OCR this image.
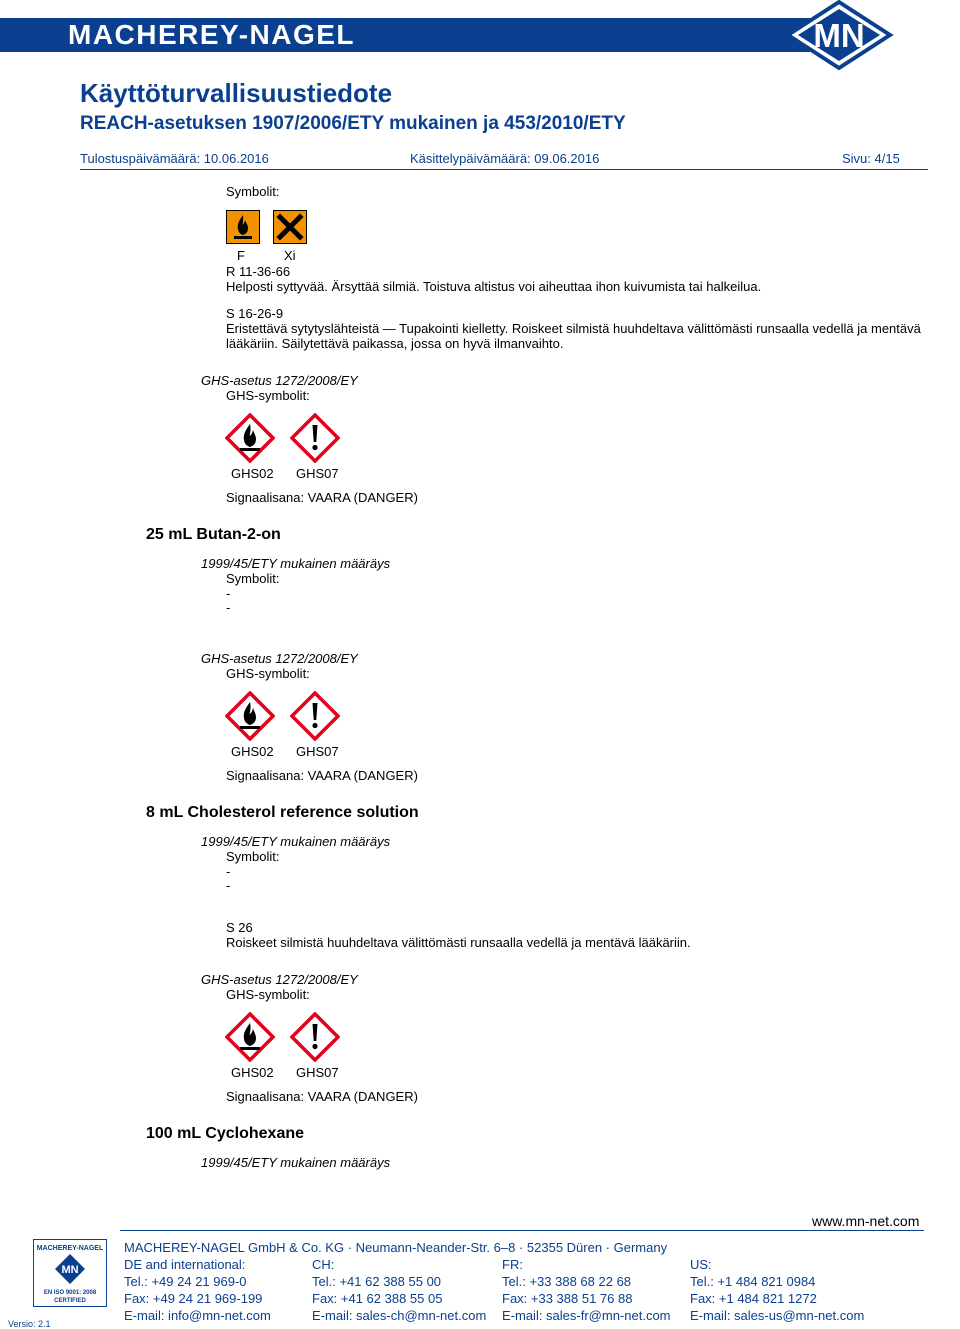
MACHEREY-NAGEL	MN
Käyttöturvallisuustiedote
REACH-asetuksen 1907/2006/ETY mukainen ja 453/2010/ETY
Tulostuspäivämäärä: 10.06.2016	Käsittelypäivämäärä: 09.06.2016	Sivu: 4/15
Symbolit:
F	Xi
R 11-36-66
Helposti syttyvää. Ärsyttää silmiä. Toistuva altistus voi aiheuttaa ihon kuivumista tai halkeilua.
S 16-26-9
Eristettävä sytytyslähteistä — Tupakointi kielletty. Roiskeet silmistä huuhdeltava välittömästi runsaalla vedellä ja mentävä
lääkäriin. Säilytettävä paikassa, jossa on hyvä ilmanvaihto.
GHS-asetus 1272/2008/EY
GHS-symbolit:
GHS02 GHS07
Signaalisana: VAARA (DANGER)
25 mL Butan-2-on
1999/45/ETY mukainen määräys
Symbolit:
-
-
GHS-asetus 1272/2008/EY
GHS-symbolit:
GHS02 GHS07
Signaalisana: VAARA (DANGER)
8 mL Cholesterol reference solution
1999/45/ETY mukainen määräys
Symbolit:
-
-
S 26
Roiskeet silmistä huuhdeltava välittömästi runsaalla vedellä ja mentävä lääkäriin.
GHS-asetus 1272/2008/EY
GHS-symbolit:
GHS02 GHS07
Signaalisana: VAARA (DANGER)
100 mL Cyclohexane
1999/45/ETY mukainen määräys
www.mn-net.com
MACHEREY-NAGEL
MN
EN ISO 9001: 2008
CERTIFIED
Versio: 2.1
MACHEREY-NAGEL GmbH & Co. KG · Neumann-Neander-Str. 6–8 · 52355 Düren · Germany
DE and international:
Tel.: +49 24 21 969-0
Fax: +49 24 21 969-199
E-mail: info@mn-net.com
CH:
Tel.: +41 62 388 55 00
Fax: +41 62 388 55 05
E-mail: sales-ch@mn-net.com
FR:
Tel.: +33 388 68 22 68
Fax: +33 388 51 76 88
E-mail: sales-fr@mn-net.com
US:
Tel.: +1 484 821 0984
Fax: +1 484 821 1272
E-mail: sales-us@mn-net.com
